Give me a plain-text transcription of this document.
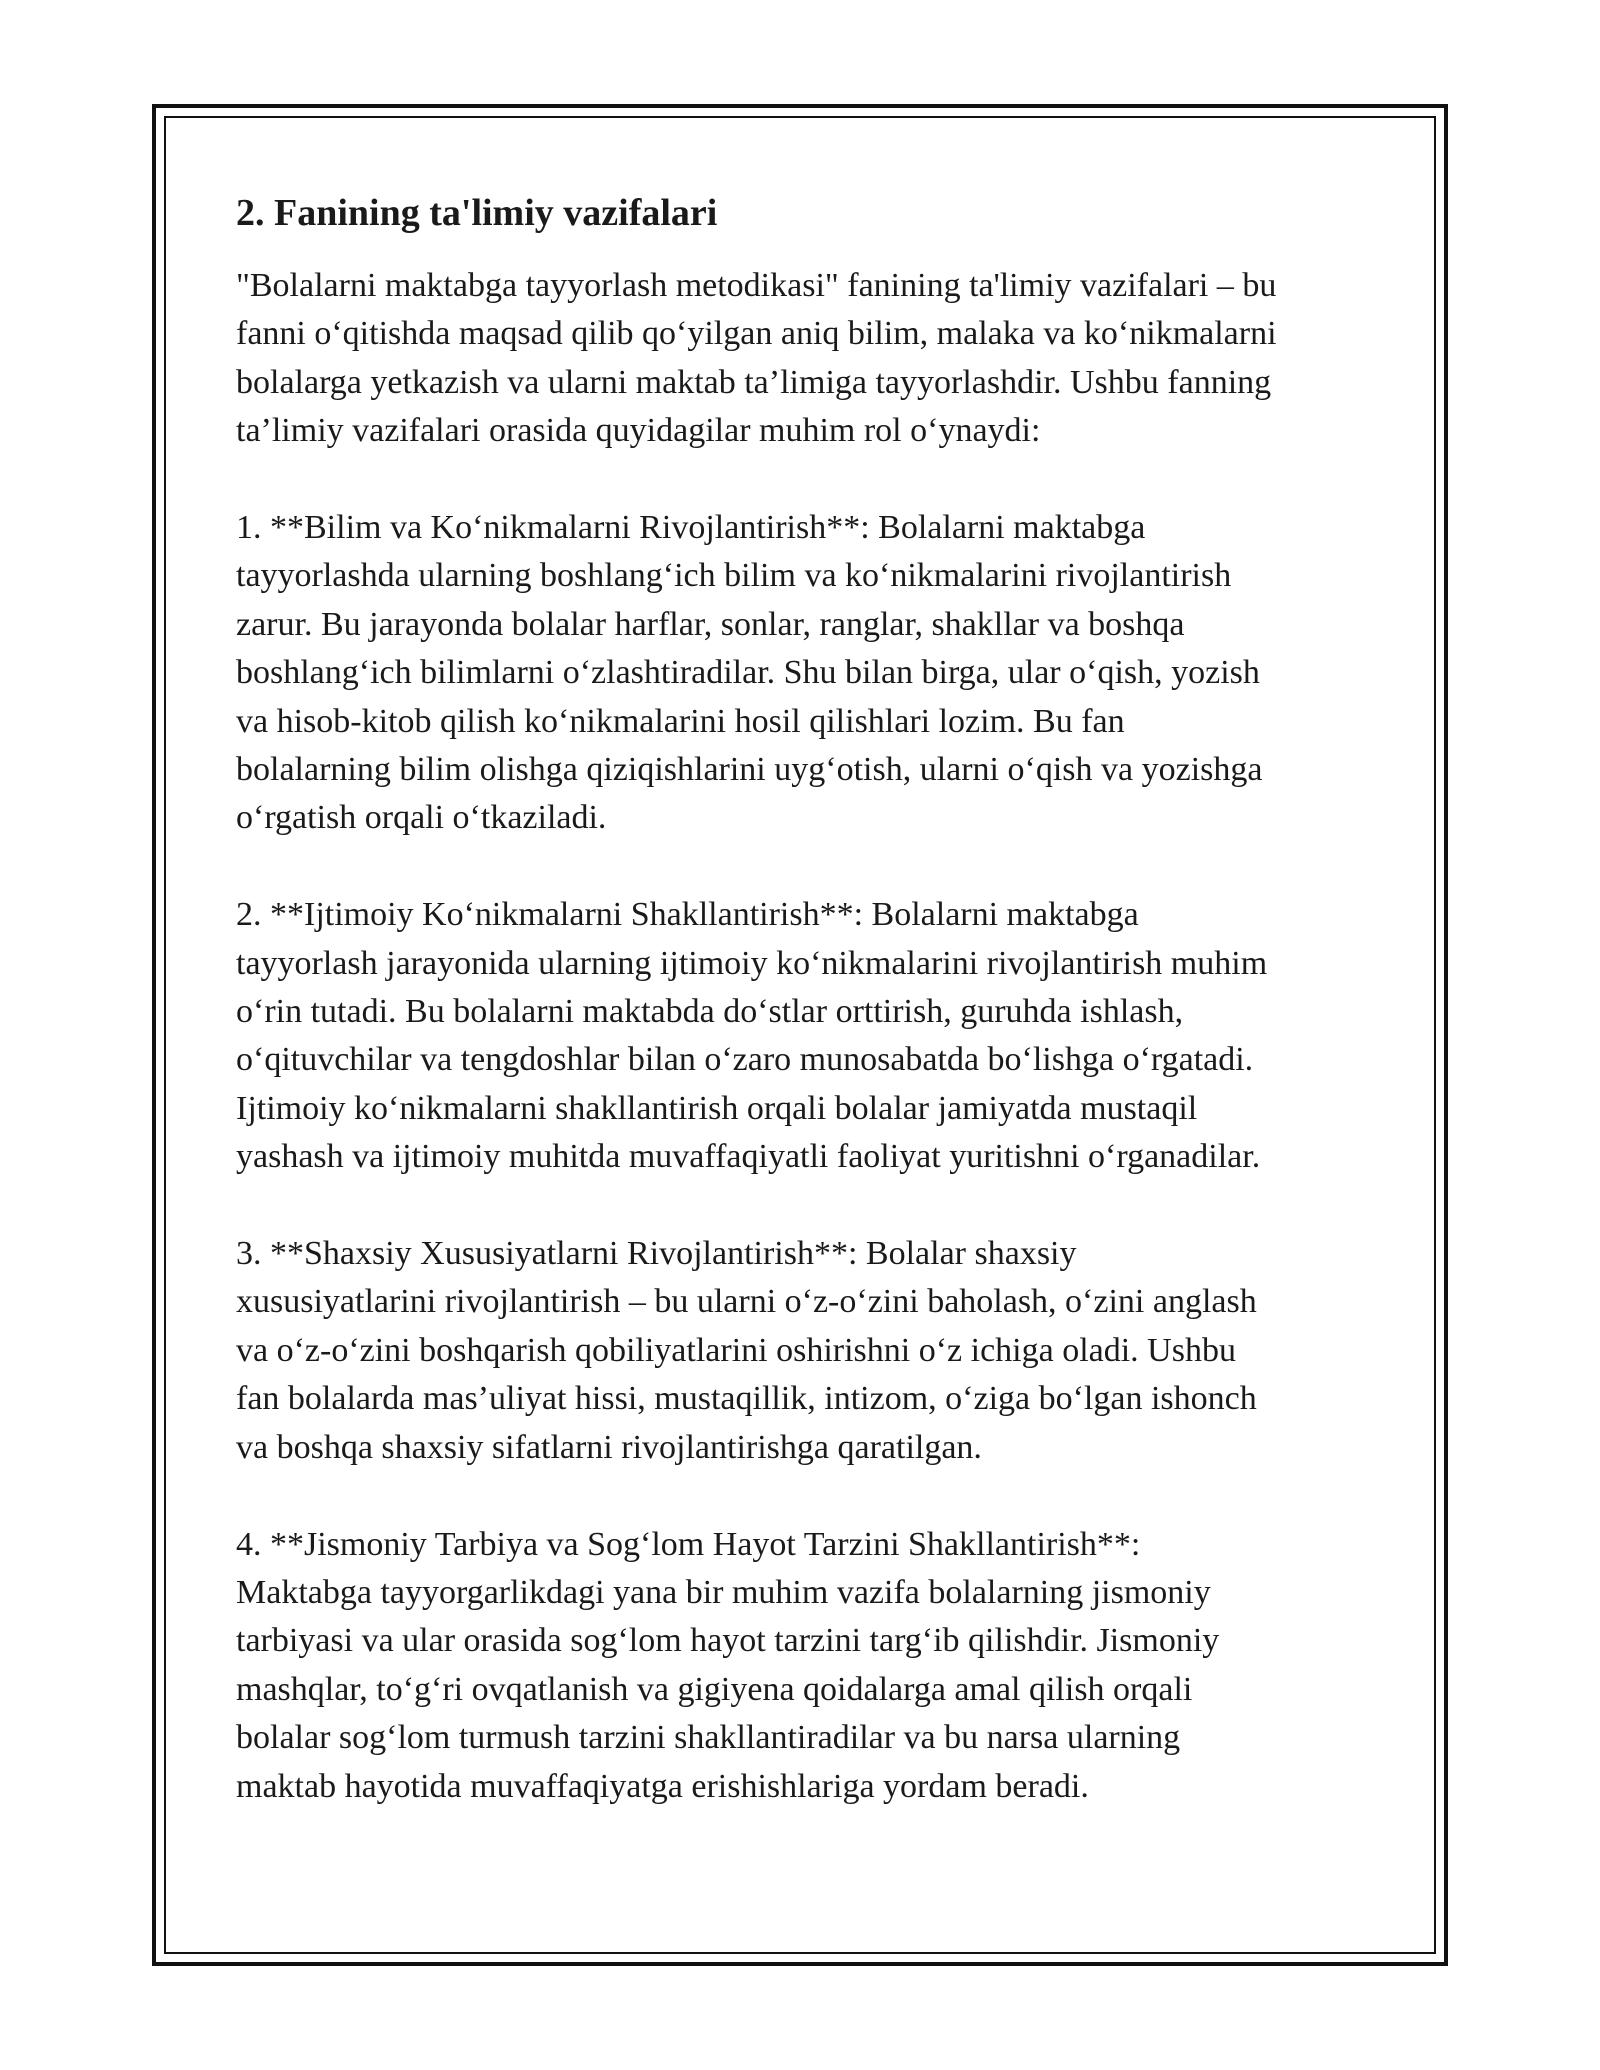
2. Fanining ta'limiy vazifalari

"Bolalarni maktabga tayyorlash metodikasi" fanining ta'limiy vazifalari – bu
fanni o‘qitishda maqsad qilib qo‘yilgan aniq bilim, malaka va ko‘nikmalarni
bolalarga yetkazish va ularni maktab ta’limiga tayyorlashdir. Ushbu fanning
ta’limiy vazifalari orasida quyidagilar muhim rol o‘ynaydi:

1. **Bilim va Ko‘nikmalarni Rivojlantirish**: Bolalarni maktabga
tayyorlashda ularning boshlang‘ich bilim va ko‘nikmalarini rivojlantirish
zarur. Bu jarayonda bolalar harflar, sonlar, ranglar, shakllar va boshqa
boshlang‘ich bilimlarni o‘zlashtiradilar. Shu bilan birga, ular o‘qish, yozish
va hisob-kitob qilish ko‘nikmalarini hosil qilishlari lozim. Bu fan
bolalarning bilim olishga qiziqishlarini uyg‘otish, ularni o‘qish va yozishga
o‘rgatish orqali o‘tkaziladi.

2. **Ijtimoiy Ko‘nikmalarni Shakllantirish**: Bolalarni maktabga
tayyorlash jarayonida ularning ijtimoiy ko‘nikmalarini rivojlantirish muhim
o‘rin tutadi. Bu bolalarni maktabda do‘stlar orttirish, guruhda ishlash,
o‘qituvchilar va tengdoshlar bilan o‘zaro munosabatda bo‘lishga o‘rgatadi.
Ijtimoiy ko‘nikmalarni shakllantirish orqali bolalar jamiyatda mustaqil
yashash va ijtimoiy muhitda muvaffaqiyatli faoliyat yuritishni o‘rganadilar.

3. **Shaxsiy Xususiyatlarni Rivojlantirish**: Bolalar shaxsiy
xususiyatlarini rivojlantirish – bu ularni o‘z-o‘zini baholash, o‘zini anglash
va o‘z-o‘zini boshqarish qobiliyatlarini oshirishni o‘z ichiga oladi. Ushbu
fan bolalarda mas’uliyat hissi, mustaqillik, intizom, o‘ziga bo‘lgan ishonch
va boshqa shaxsiy sifatlarni rivojlantirishga qaratilgan.

4. **Jismoniy Tarbiya va Sog‘lom Hayot Tarzini Shakllantirish**:
Maktabga tayyorgarlikdagi yana bir muhim vazifa bolalarning jismoniy
tarbiyasi va ular orasida sog‘lom hayot tarzini targ‘ib qilishdir. Jismoniy
mashqlar, to‘g‘ri ovqatlanish va gigiyena qoidalarga amal qilish orqali
bolalar sog‘lom turmush tarzini shakllantiradilar va bu narsa ularning
maktab hayotida muvaffaqiyatga erishishlariga yordam beradi.
